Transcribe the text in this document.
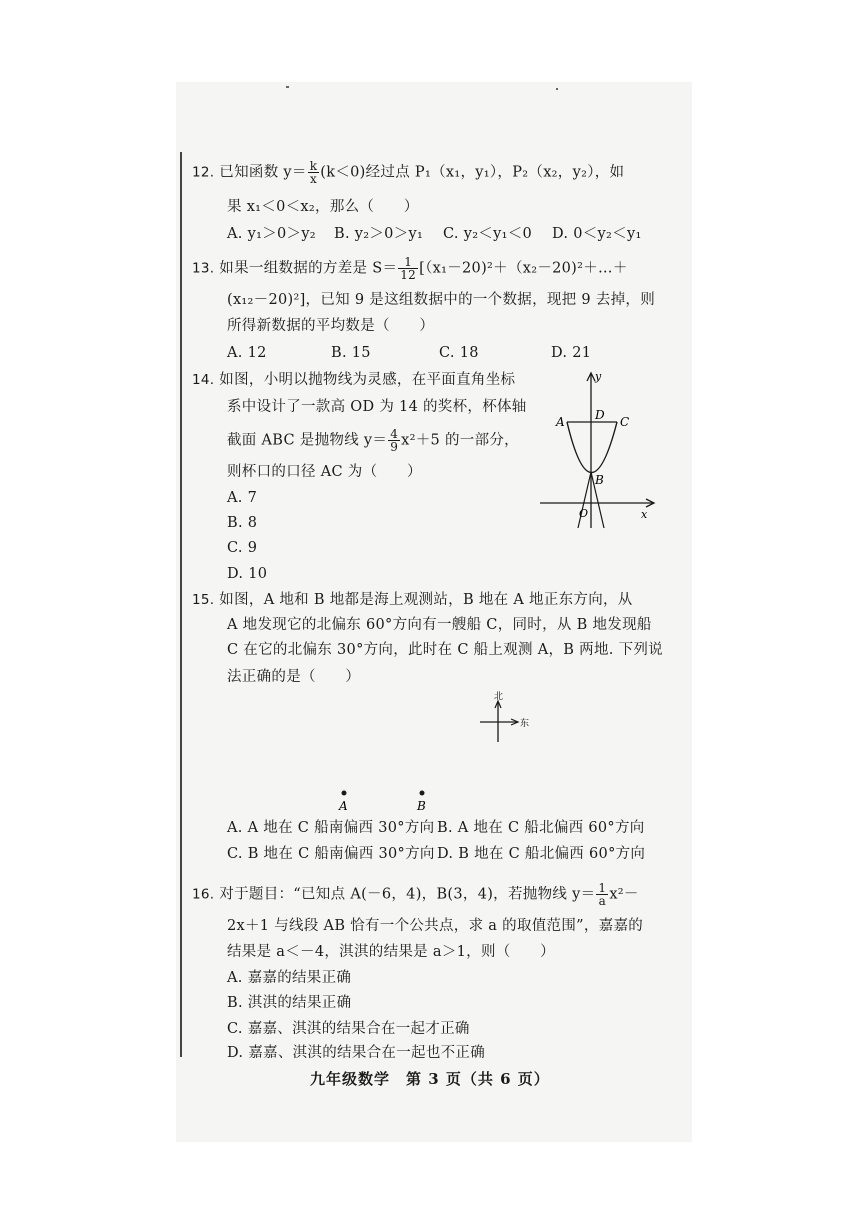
12. 已知函数 $y= \frac{k}{x} (k<0)$经过点 P₁（x₁，y₁），P₂（x₂，y₂），如
果 x₁＜0＜x₂，那么（　　）
A. y₁＞0＞y₂ B. y₂＞0＞y₁ C. y₂＜y₁＜0 D. 0＜y₂＜y₁
13. 如果一组数据的方差是 $S= \frac{1}{12}$ [（x₁－20)²＋（x₂－20)²＋…＋
(x₁₂－20)²]，已知 9 是这组数据中的一个数据，现把 9 去掉，则
所得新数据的平均数是（　　）
A. 12	B. 15	C. 18	D. 21
14. 如图，小明以抛物线为灵感，在平面直角坐标
系中设计了一款高 OD 为 14 的奖杯，杯体轴
截面 ABC 是抛物线 $y= \frac{4}{9} x^2+5$ 的一部分，
则杯口的口径 AC 为（　　）
A. 7
B. 8
C. 9
D. 10
y
A	D C
B
O	x
15. 如图，A 地和 B 地都是海上观测站，B 地在 A 地正东方向，从
A 地发现它的北偏东 60°方向有一艘船 C，同时，从 B 地发现船
C 在它的北偏东 30°方向，此时在 C 船上观测 A，B 两地. 下列说
法正确的是（　　）
A. A 地在 C 船南偏西 30°方向 B. A 地在 C 船北偏西 60°方向
C. B 地在 C 船南偏西 30°方向 D. B 地在 C 船北偏西 60°方向
北
东
A	B
16. 对于题目：“已知点 A(－6，4)，B(3，4)，若抛物线 $y= \frac{1}{a} x^2-$
2x＋1 与线段 AB 恰有一个公共点，求 a 的取值范围”，嘉嘉的
结果是 a＜－4，淇淇的结果是 a＞1，则（　　）
A. 嘉嘉的结果正确
B. 淇淇的结果正确
C. 嘉嘉、淇淇的结果合在一起才正确
D. 嘉嘉、淇淇的结果合在一起也不正确
九年级数学　第 3 页（共 6 页）
